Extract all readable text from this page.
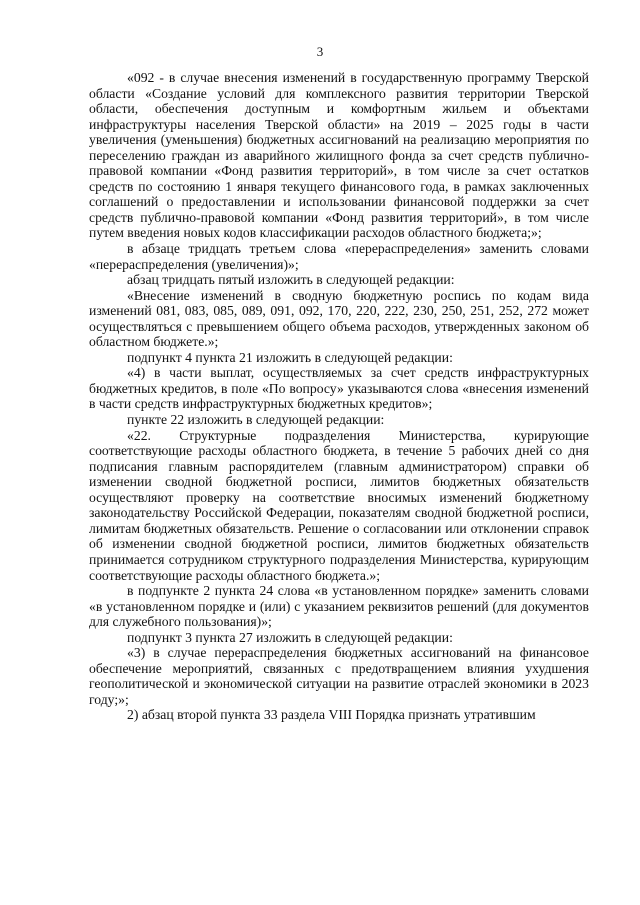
3

«092 - в случае внесения изменений в государственную программу Тверской области «Создание условий для комплексного развития территории Тверской области, обеспечения доступным и комфортным жильем и объектами инфраструктуры населения Тверской области» на 2019 – 2025 годы в части увеличения (уменьшения) бюджетных ассигнований на реализацию мероприятия по переселению граждан из аварийного жилищного фонда за счет средств публично-правовой компании «Фонд развития территорий», в том числе за счет остатков средств по состоянию 1 января текущего финансового года, в рамках заключенных соглашений о предоставлении и использовании финансовой поддержки за счет средств публично-правовой компании «Фонд развития территорий», в том числе путем введения новых кодов классификации расходов областного бюджета;»;

в абзаце тридцать третьем слова «перераспределения» заменить словами «перераспределения (увеличения)»;

абзац тридцать пятый изложить в следующей редакции:

«Внесение изменений в сводную бюджетную роспись по кодам вида изменений 081, 083, 085, 089, 091, 092, 170, 220, 222, 230, 250, 251, 252, 272 может осуществляться с превышением общего объема расходов, утвержденных законом об областном бюджете.»;

подпункт 4 пункта 21 изложить в следующей редакции:

«4) в части выплат, осуществляемых за счет средств инфраструктурных бюджетных кредитов, в поле «По вопросу» указываются слова «внесения изменений в части средств инфраструктурных бюджетных кредитов»;

пункте 22 изложить в следующей редакции:

«22. Структурные подразделения Министерства, курирующие соответствующие расходы областного бюджета, в течение 5 рабочих дней со дня подписания главным распорядителем (главным администратором) справки об изменении сводной бюджетной росписи, лимитов бюджетных обязательств осуществляют проверку на соответствие вносимых изменений бюджетному законодательству Российской Федерации, показателям сводной бюджетной росписи, лимитам бюджетных обязательств. Решение о согласовании или отклонении справок об изменении сводной бюджетной росписи, лимитов бюджетных обязательств принимается сотрудником структурного подразделения Министерства, курирующим соответствующие расходы областного бюджета.»;

в подпункте 2 пункта 24 слова «в установленном порядке» заменить словами «в установленном порядке и (или) с указанием реквизитов решений (для документов для служебного пользования)»;

подпункт 3 пункта 27 изложить в следующей редакции:

«3) в случае перераспределения бюджетных ассигнований на финансовое обеспечение мероприятий, связанных с предотвращением влияния ухудшения геополитической и экономической ситуации на развитие отраслей экономики в 2023 году;»;

2) абзац второй пункта 33 раздела VIII Порядка признать утратившим
